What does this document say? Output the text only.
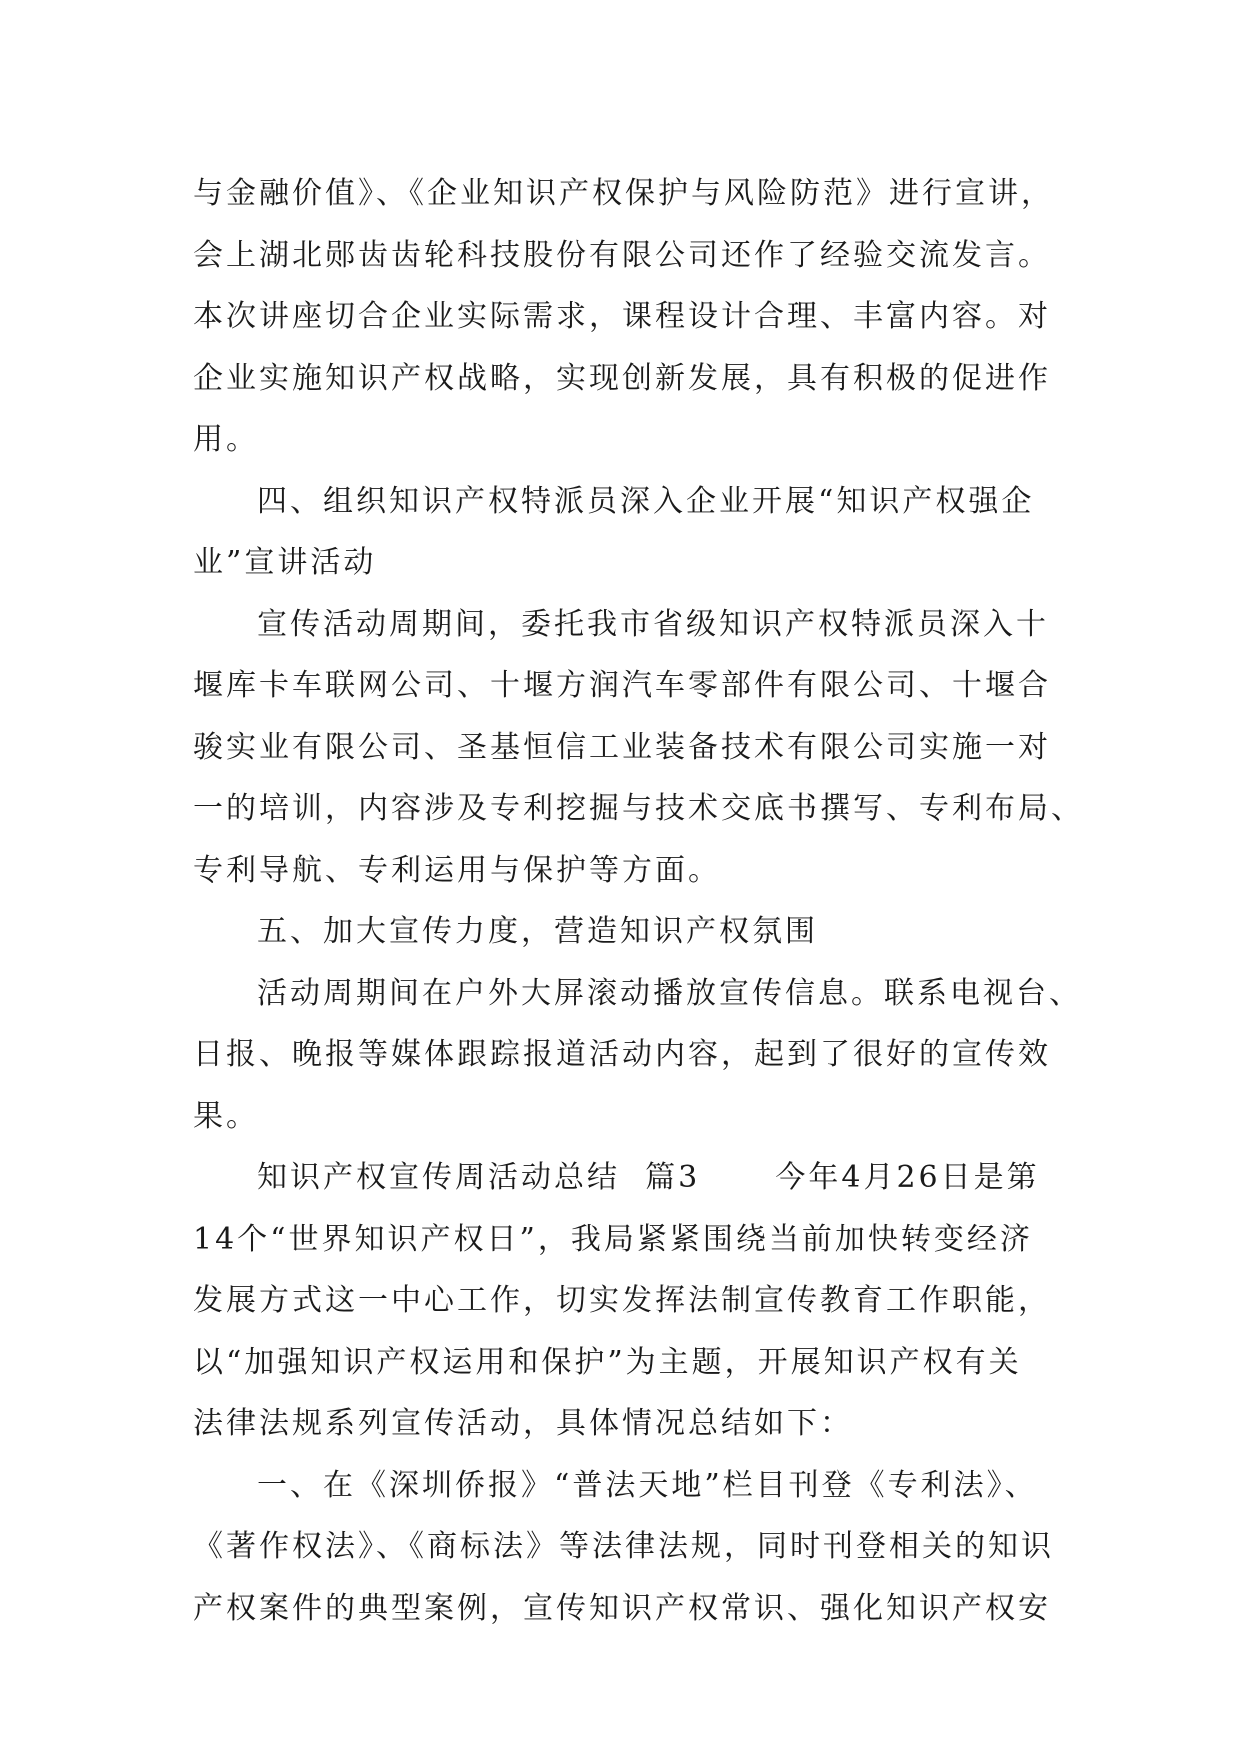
与金融价值》、《企业知识产权保护与风险防范》进行宣讲，
会上湖北郧齿齿轮科技股份有限公司还作了经验交流发言。
本次讲座切合企业实际需求，课程设计合理、丰富内容。对
企业实施知识产权战略，实现创新发展，具有积极的促进作
用。
四、组织知识产权特派员深入企业开展“知识产权强企
业”宣讲活动
宣传活动周期间，委托我市省级知识产权特派员深入十
堰库卡车联网公司、十堰方润汽车零部件有限公司、十堰合
骏实业有限公司、圣基恒信工业装备技术有限公司实施一对
一的培训，内容涉及专利挖掘与技术交底书撰写、专利布局、
专利导航、专利运用与保护等方面。
五、加大宣传力度，营造知识产权氛围
活动周期间在户外大屏滚动播放宣传信息。联系电视台、
日报、晚报等媒体跟踪报道活动内容，起到了很好的宣传效
果。
知识产权宣传周活动总结  篇3      今年4月26日是第
14个“世界知识产权日”，我局紧紧围绕当前加快转变经济
发展方式这一中心工作，切实发挥法制宣传教育工作职能，
以“加强知识产权运用和保护”为主题，开展知识产权有关
法律法规系列宣传活动，具体情况总结如下：
一、在《深圳侨报》“普法天地”栏目刊登《专利法》、
《著作权法》、《商标法》等法律法规，同时刊登相关的知识
产权案件的典型案例，宣传知识产权常识、强化知识产权安
